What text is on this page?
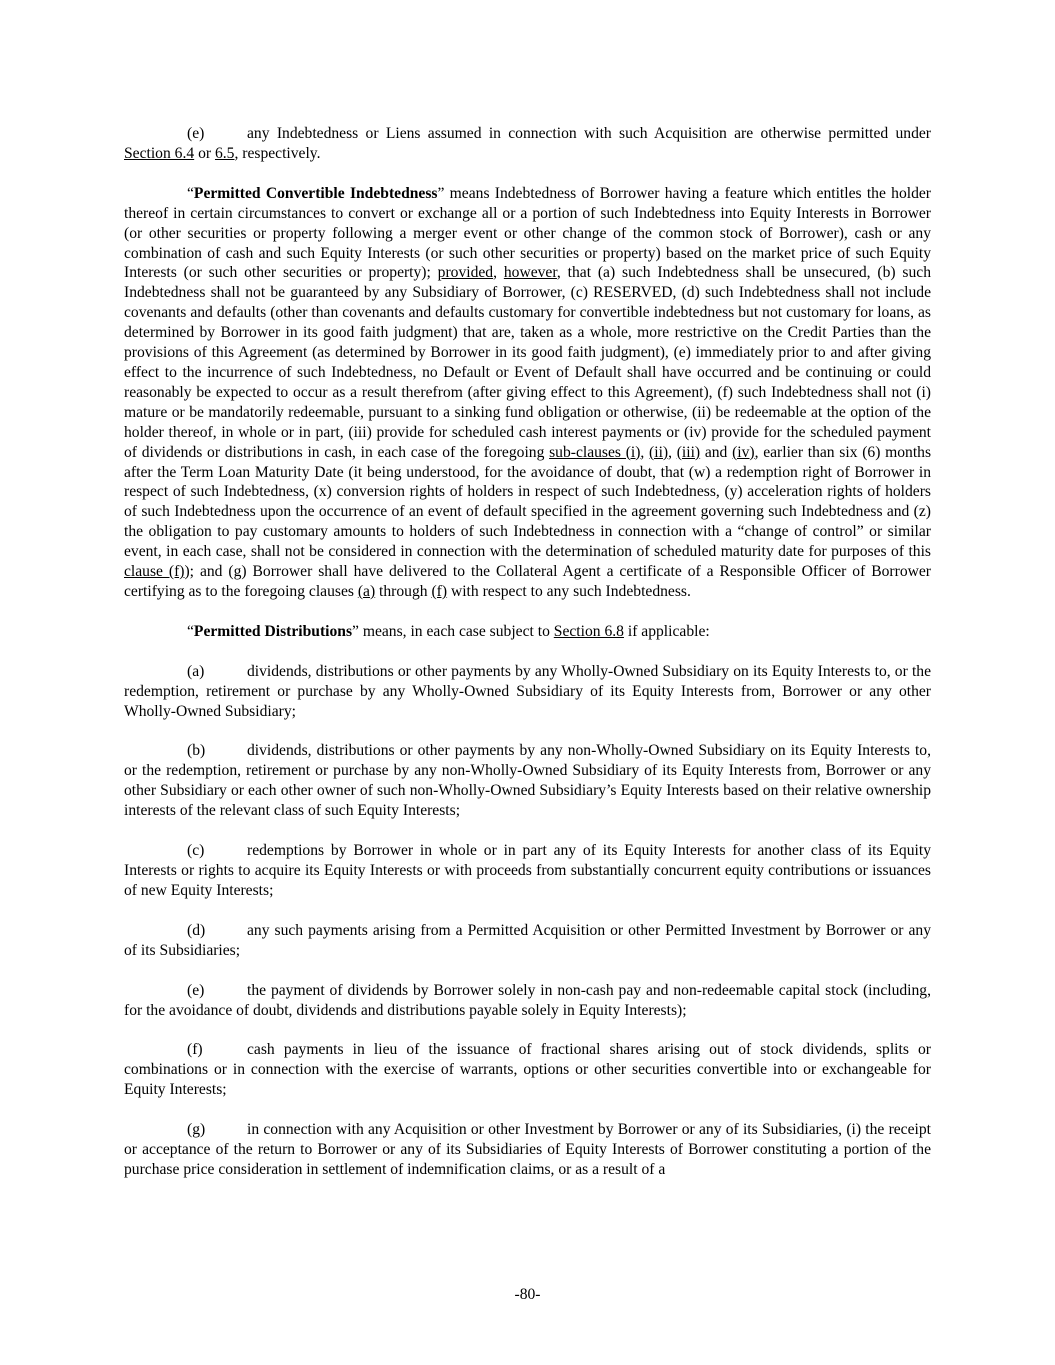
(e)	any Indebtedness or Liens assumed in connection with such Acquisition are otherwise permitted under Section 6.4 or 6.5, respectively.

“Permitted Convertible Indebtedness” means Indebtedness of Borrower having a feature which entitles the holder thereof in certain circumstances to convert or exchange all or a portion of such Indebtedness into Equity Interests in Borrower (or other securities or property following a merger event or other change of the common stock of Borrower), cash or any combination of cash and such Equity Interests (or such other securities or property) based on the market price of such Equity Interests (or such other securities or property); provided, however, that (a) such Indebtedness shall be unsecured, (b) such Indebtedness shall not be guaranteed by any Subsidiary of Borrower, (c) RESERVED, (d) such Indebtedness shall not include covenants and defaults (other than covenants and defaults customary for convertible indebtedness but not customary for loans, as determined by Borrower in its good faith judgment) that are, taken as a whole, more restrictive on the Credit Parties than the provisions of this Agreement (as determined by Borrower in its good faith judgment), (e) immediately prior to and after giving effect to the incurrence of such Indebtedness, no Default or Event of Default shall have occurred and be continuing or could reasonably be expected to occur as a result therefrom (after giving effect to this Agreement), (f) such Indebtedness shall not (i) mature or be mandatorily redeemable, pursuant to a sinking fund obligation or otherwise, (ii) be redeemable at the option of the holder thereof, in whole or in part, (iii) provide for scheduled cash interest payments or (iv) provide for the scheduled payment of dividends or distributions in cash, in each case of the foregoing sub-clauses (i), (ii), (iii) and (iv), earlier than six (6) months after the Term Loan Maturity Date (it being understood, for the avoidance of doubt, that (w) a redemption right of Borrower in respect of such Indebtedness, (x) conversion rights of holders in respect of such Indebtedness, (y) acceleration rights of holders of such Indebtedness upon the occurrence of an event of default specified in the agreement governing such Indebtedness and (z) the obligation to pay customary amounts to holders of such Indebtedness in connection with a “change of control” or similar event, in each case, shall not be considered in connection with the determination of scheduled maturity date for purposes of this clause (f)); and (g) Borrower shall have delivered to the Collateral Agent a certificate of a Responsible Officer of Borrower certifying as to the foregoing clauses (a) through (f) with respect to any such Indebtedness.

“Permitted Distributions” means, in each case subject to Section 6.8 if applicable:

(a)	dividends, distributions or other payments by any Wholly-Owned Subsidiary on its Equity Interests to, or the redemption, retirement or purchase by any Wholly-Owned Subsidiary of its Equity Interests from, Borrower or any other Wholly-Owned Subsidiary;

(b)	dividends, distributions or other payments by any non-Wholly-Owned Subsidiary on its Equity Interests to, or the redemption, retirement or purchase by any non-Wholly-Owned Subsidiary of its Equity Interests from, Borrower or any other Subsidiary or each other owner of such non-Wholly-Owned Subsidiary’s Equity Interests based on their relative ownership interests of the relevant class of such Equity Interests;

(c)	redemptions by Borrower in whole or in part any of its Equity Interests for another class of its Equity Interests or rights to acquire its Equity Interests or with proceeds from substantially concurrent equity contributions or issuances of new Equity Interests;

(d)	any such payments arising from a Permitted Acquisition or other Permitted Investment by Borrower or any of its Subsidiaries;

(e)	the payment of dividends by Borrower solely in non-cash pay and non-redeemable capital stock (including, for the avoidance of doubt, dividends and distributions payable solely in Equity Interests);

(f)	cash payments in lieu of the issuance of fractional shares arising out of stock dividends, splits or combinations or in connection with the exercise of warrants, options or other securities convertible into or exchangeable for Equity Interests;

(g)	in connection with any Acquisition or other Investment by Borrower or any of its Subsidiaries, (i) the receipt or acceptance of the return to Borrower or any of its Subsidiaries of Equity Interests of Borrower constituting a portion of the purchase price consideration in settlement of indemnification claims, or as a result of a

-80-
